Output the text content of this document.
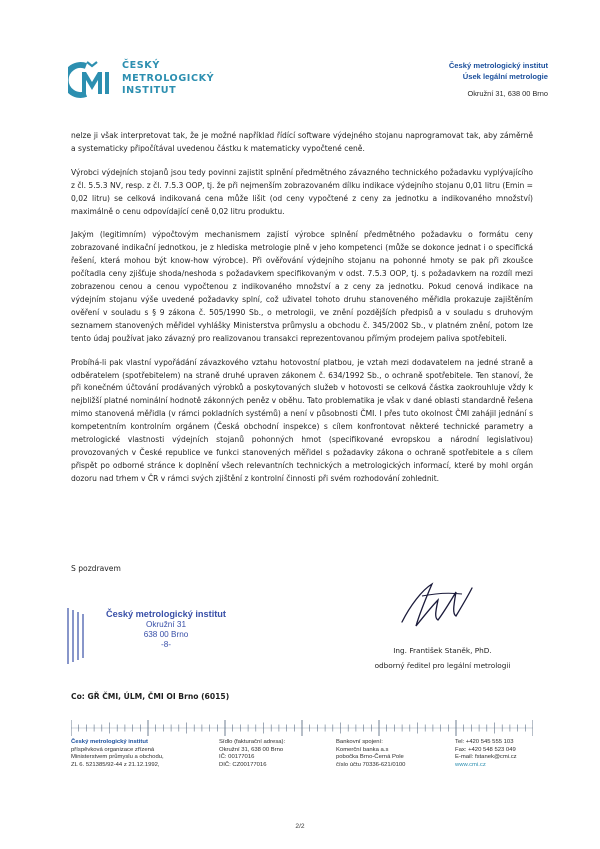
ČESKÝ
METROLOGICKÝ
INSTITUT
Český metrologický institut
Úsek legální metrologie
Okružní 31, 638 00 Brno

nelze ji však interpretovat tak, že je možné například řídící software výdejného stojanu naprogramovat tak, aby záměrně a systematicky připočítával uvedenou částku k matematicky vypočtené ceně.

Výrobci výdejních stojanů jsou tedy povinni zajistit splnění předmětného závazného technického požadavku vyplývajícího z čl. 5.5.3 NV, resp. z čl. 7.5.3 OOP, tj. že při nejmenším zobrazovaném dílku indikace výdejního stojanu 0,01 litru (Emin = 0,02 litru) se celková indikovaná cena může lišit (od ceny vypočtené z ceny za jednotku a indikovaného množství) maximálně o cenu odpovídající ceně 0,02 litru produktu.

Jakým (legitimním) výpočtovým mechanismem zajistí výrobce splnění předmětného požadavku o formátu ceny zobrazované indikační jednotkou, je z hlediska metrologie plně v jeho kompetenci (může se dokonce jednat i o specifická řešení, která mohou být know-how výrobce). Při ověřování výdejního stojanu na pohonné hmoty se pak při zkoušce počítadla ceny zjišťuje shoda/neshoda s požadavkem specifikovaným v odst. 7.5.3 OOP, tj. s požadavkem na rozdíl mezi zobrazenou cenou a cenou vypočtenou z indikovaného množství a z ceny za jednotku. Pokud cenová indikace na výdejním stojanu výše uvedené požadavky splní, což uživatel tohoto druhu stanoveného měřidla prokazuje zajištěním ověření v souladu s § 9 zákona č. 505/1990 Sb., o metrologii, ve znění pozdějších předpisů a v souladu s druhovým seznamem stanovených měřidel vyhlášky Ministerstva průmyslu a obchodu č. 345/2002 Sb., v platném znění, potom lze tento údaj používat jako závazný pro realizovanou transakci reprezentovanou přímým prodejem paliva spotřebiteli.

Probíhá-li pak vlastní vypořádání závazkového vztahu hotovostní platbou, je vztah mezi dodavatelem na jedné straně a odběratelem (spotřebitelem) na straně druhé upraven zákonem č. 634/1992 Sb., o ochraně spotřebitele. Ten stanoví, že při konečném účtování prodávaných výrobků a poskytovaných služeb v hotovosti se celková částka zaokrouhluje vždy k nejbližší platné nominální hodnotě zákonných peněz v oběhu. Tato problematika je však v dané oblasti standardně řešena mimo stanovená měřidla (v rámci pokladních systémů) a není v působnosti ČMI. I přes tuto okolnost ČMI zahájil jednání s kompetentním kontrolním orgánem (Česká obchodní inspekce) s cílem konfrontovat některé technické parametry a metrologické vlastnosti výdejních stojanů pohonných hmot (specifikované evropskou a národní legislativou) provozovaných v České republice ve funkci stanovených měřidel s požadavky zákona o ochraně spotřebitele a s cílem přispět po odborné stránce k doplnění všech relevantních technických a metrologických informací, které by mohl orgán dozoru nad trhem v ČR v rámci svých zjištění z kontrolní činnosti při svém rozhodování zohlednit.

S pozdravem
Český metrologický institut
Okružní 31
638 00 Brno
-8-
Ing. František Staněk, PhD.
odborný ředitel pro legální metrologii
Co: GŘ ČMI, ÚLM, ČMI OI Brno (6015)
Český metrologický institut
příspěvková organizace zřízená
Ministerstvem průmyslu a obchodu,
ZL 6. 521385/92-44 z 21.12.1992,
Sídlo (fakturační adresa):
Okružní 31, 638 00 Brno
IČ: 00177016
DIČ: CZ00177016
Bankovní spojení:
Komerční banka a.s
pobočka Brno-Černá Pole
číslo účtu 70336-621/0100
Tel: +420 545 555 103
Fax: +420 548 523 049
E-mail: fstanek@cmi.cz
www.cmi.cz
2/2
